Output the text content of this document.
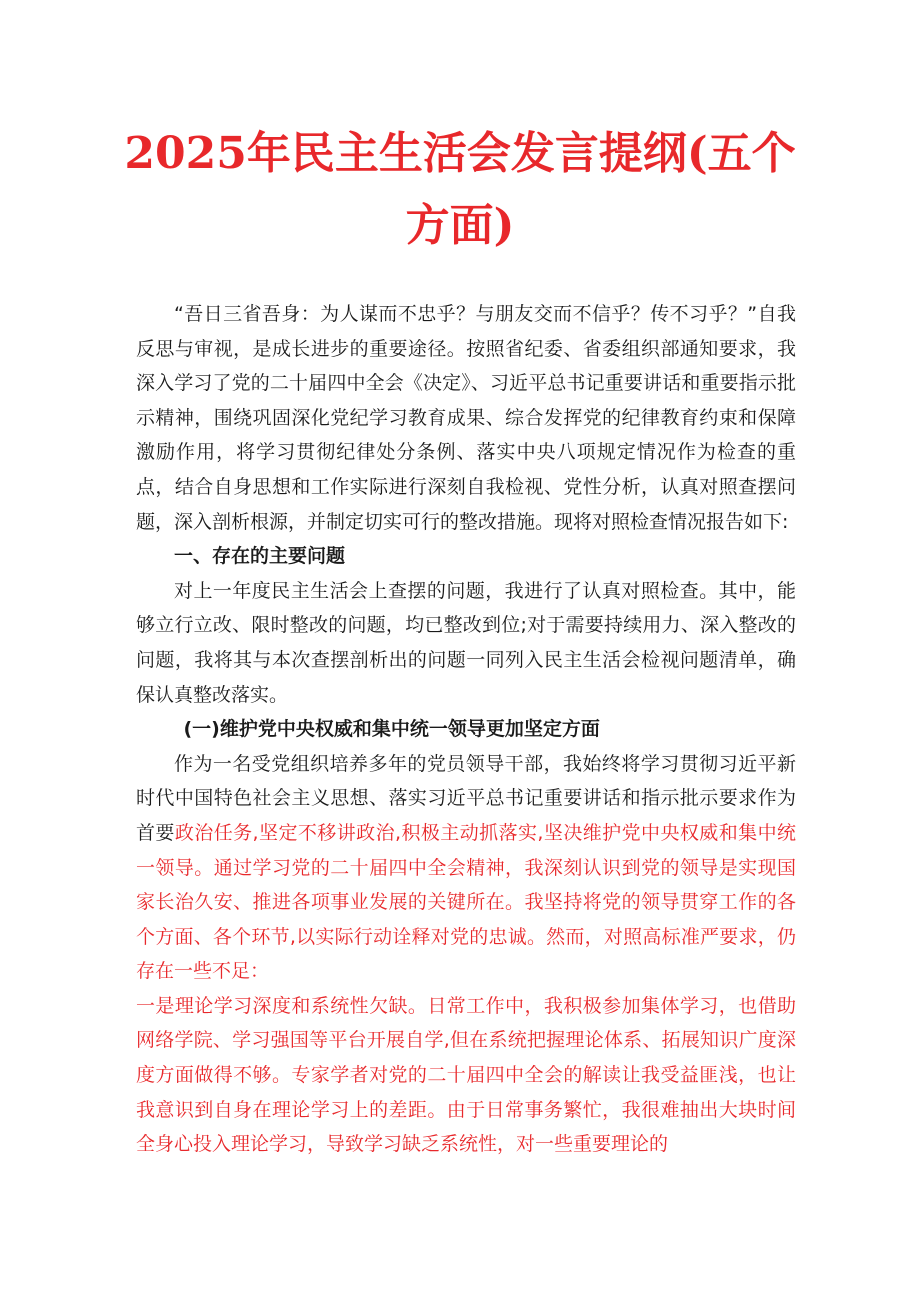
2025年民主生活会发言提纲(五个
方面)

“吾日三省吾身：为人谋而不忠乎？与朋友交而不信乎？传不习乎？”自我反思与审视，是成长进步的重要途径。按照省纪委、省委组织部通知要求，我深入学习了党的二十届四中全会《决定》、习近平总书记重要讲话和重要指示批示精神，围绕巩固深化党纪学习教育成果、综合发挥党的纪律教育约束和保障激励作用，将学习贯彻纪律处分条例、落实中央八项规定情况作为检查的重点，结合自身思想和工作实际进行深刻自我检视、党性分析，认真对照查摆问题，深入剖析根源，并制定切实可行的整改措施。现将对照检查情况报告如下:

一、存在的主要问题

对上一年度民主生活会上查摆的问题，我进行了认真对照检查。其中，能够立行立改、限时整改的问题，均已整改到位;对于需要持续用力、深入整改的问题，我将其与本次查摆剖析出的问题一同列入民主生活会检视问题清单，确保认真整改落实。

(一)维护党中央权威和集中统一领导更加坚定方面

作为一名受党组织培养多年的党员领导干部，我始终将学习贯彻习近平新时代中国特色社会主义思想、落实习近平总书记重要讲话和指示批示要求作为首要政治任务,坚定不移讲政治,积极主动抓落实,坚决维护党中央权威和集中统一领导。通过学习党的二十届四中全会精神，我深刻认识到党的领导是实现国家长治久安、推进各项事业发展的关键所在。我坚持将党的领导贯穿工作的各个方面、各个环节,以实际行动诠释对党的忠诚。然而，对照高标准严要求，仍存在一些不足：

一是理论学习深度和系统性欠缺。日常工作中，我积极参加集体学习，也借助网络学院、学习强国等平台开展自学,但在系统把握理论体系、拓展知识广度深度方面做得不够。专家学者对党的二十届四中全会的解读让我受益匪浅，也让我意识到自身在理论学习上的差距。由于日常事务繁忙，我很难抽出大块时间全身心投入理论学习，导致学习缺乏系统性，对一些重要理论的
